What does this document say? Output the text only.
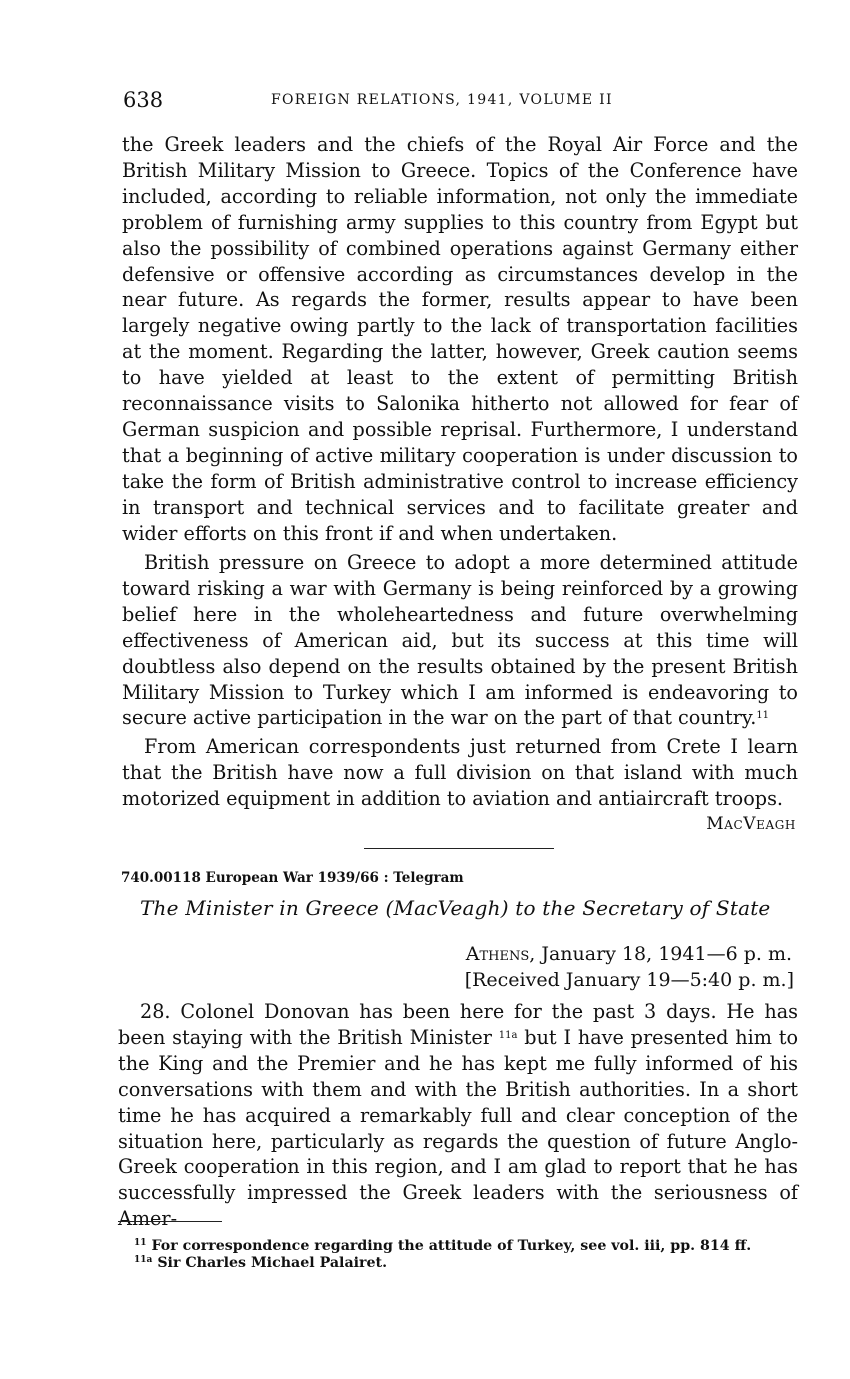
638	FOREIGN RELATIONS, 1941, VOLUME II

the Greek leaders and the chiefs of the Royal Air Force and the British Military Mission to Greece. Topics of the Conference have included, according to reliable information, not only the immediate problem of furnishing army supplies to this country from Egypt but also the possibility of combined operations against Germany either defensive or offensive according as circumstances develop in the near future. As regards the former, results appear to have been largely negative owing partly to the lack of transportation facilities at the moment. Regarding the latter, however, Greek caution seems to have yielded at least to the extent of permitting British reconnaissance visits to Salonika hitherto not allowed for fear of German suspicion and possible reprisal. Furthermore, I understand that a beginning of active military cooperation is under discussion to take the form of British administrative control to increase efficiency in transport and technical services and to facilitate greater and wider efforts on this front if and when undertaken.

British pressure on Greece to adopt a more determined attitude toward risking a war with Germany is being reinforced by a growing belief here in the wholeheartedness and future overwhelming effectiveness of American aid, but its success at this time will doubtless also depend on the results obtained by the present British Military Mission to Turkey which I am informed is endeavoring to secure active participation in the war on the part of that country.$^{11}$

From American correspondents just returned from Crete I learn that the British have now a full division on that island with much motorized equipment in addition to aviation and antiaircraft troops.

MacVeagh
740.00118 European War 1939/66 : Telegram
The Minister in Greece (MacVeagh) to the Secretary of State
Athens, January 18, 1941—6 p. m.
[Received January 19—5:40 p. m.]

28. Colonel Donovan has been here for the past 3 days. He has been staying with the British Minister $^{11a}$ but I have presented him to the King and the Premier and he has kept me fully informed of his conversations with them and with the British authorities. In a short time he has acquired a remarkably full and clear conception of the situation here, particularly as regards the question of future Anglo-Greek cooperation in this region, and I am glad to report that he has successfully impressed the Greek leaders with the seriousness of Amer-

$^{11}$ For correspondence regarding the attitude of Turkey, see vol. iii, pp. 814 ff.
$^{11a}$ Sir Charles Michael Palairet.
